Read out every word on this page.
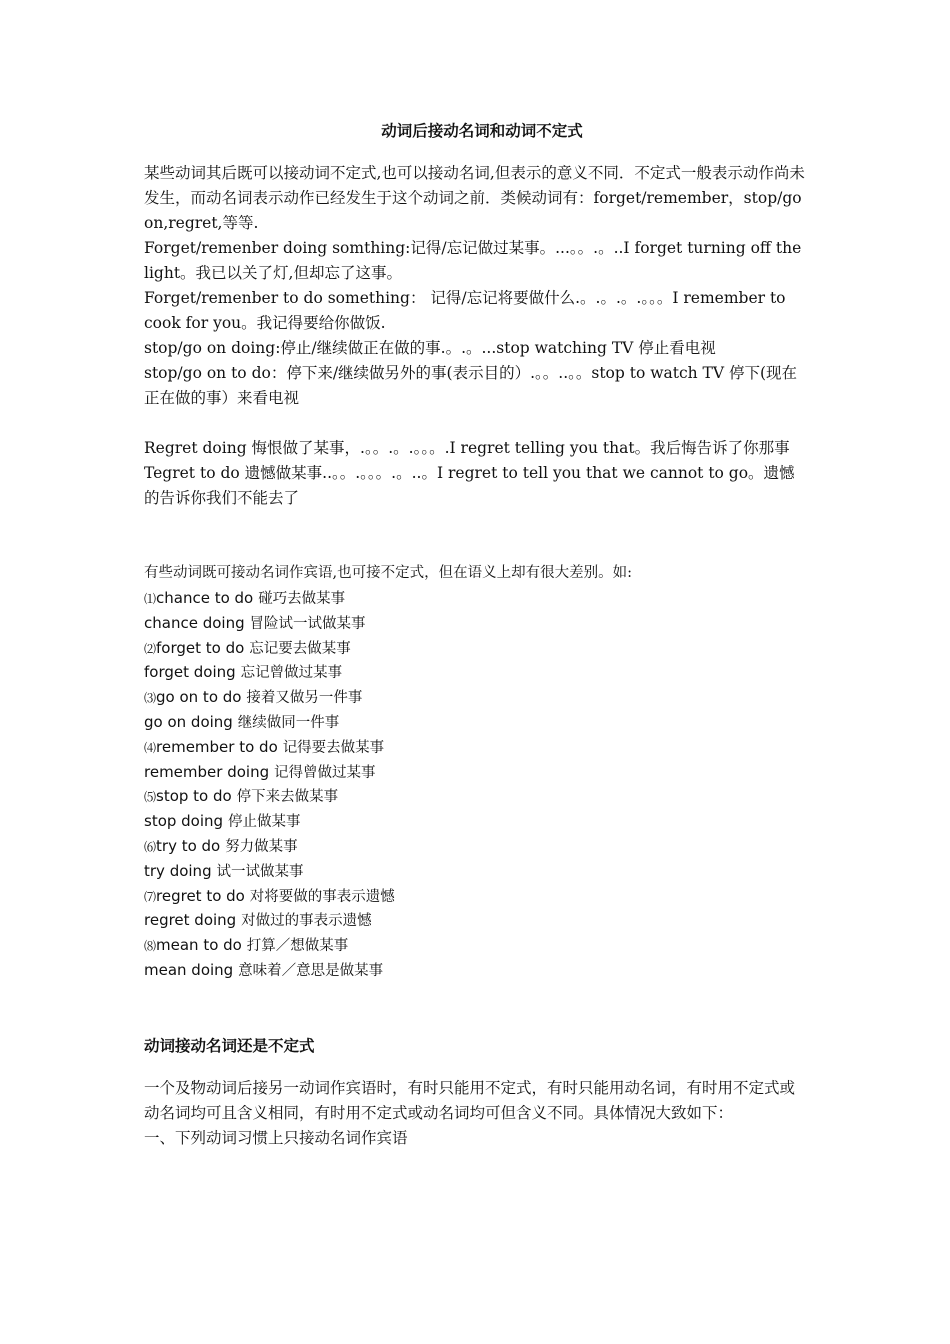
动词后接动名词和动词不定式

某些动词其后既可以接动词不定式,也可以接动名词,但表示的意义不同．不定式一般表示动作尚未发生，而动名词表示动作已经发生于这个动词之前．类候动词有：forget/remember，stop/go on,regret,等等.

Forget/remenber doing somthing:记得/忘记做过某事。...。。.。..I forget turning off the light。我已以关了灯,但却忘了这事。

Forget/remenber to do something： 记得/忘记将要做什么.。.。.。.。。。I remember to cook for you。我记得要给你做饭.

stop/go on doing:停止/继续做正在做的事.。.。...stop watching TV 停止看电视

stop/go on to do：停下来/继续做另外的事(表示目的）.。。..。。stop to watch TV 停下(现在正在做的事）来看电视

Regret doing 悔恨做了某事，.。。.。.。。。.I regret telling you that。我后悔告诉了你那事

Tegret to do 遗憾做某事..。。.。。。.。..。I regret to tell you that we cannot to go。遗憾的告诉你我们不能去了

有些动词既可接动名词作宾语,也可接不定式，但在语义上却有很大差别。如:

⑴chance to do 碰巧去做某事

chance doing 冒险试一试做某事

⑵forget to do 忘记要去做某事

forget doing 忘记曾做过某事

⑶go on to do 接着又做另一件事

go on doing 继续做同一件事

⑷remember to do 记得要去做某事

remember doing 记得曾做过某事

⑸stop to do 停下来去做某事

stop doing 停止做某事

⑹try to do 努力做某事

try doing 试一试做某事

⑺regret to do 对将要做的事表示遗憾

regret doing 对做过的事表示遗憾

⑻mean to do 打算／想做某事

mean doing 意味着／意思是做某事

动词接动名词还是不定式

一个及物动词后接另一动词作宾语时，有时只能用不定式，有时只能用动名词，有时用不定式或动名词均可且含义相同，有时用不定式或动名词均可但含义不同。具体情况大致如下：

一、下列动词习惯上只接动名词作宾语
